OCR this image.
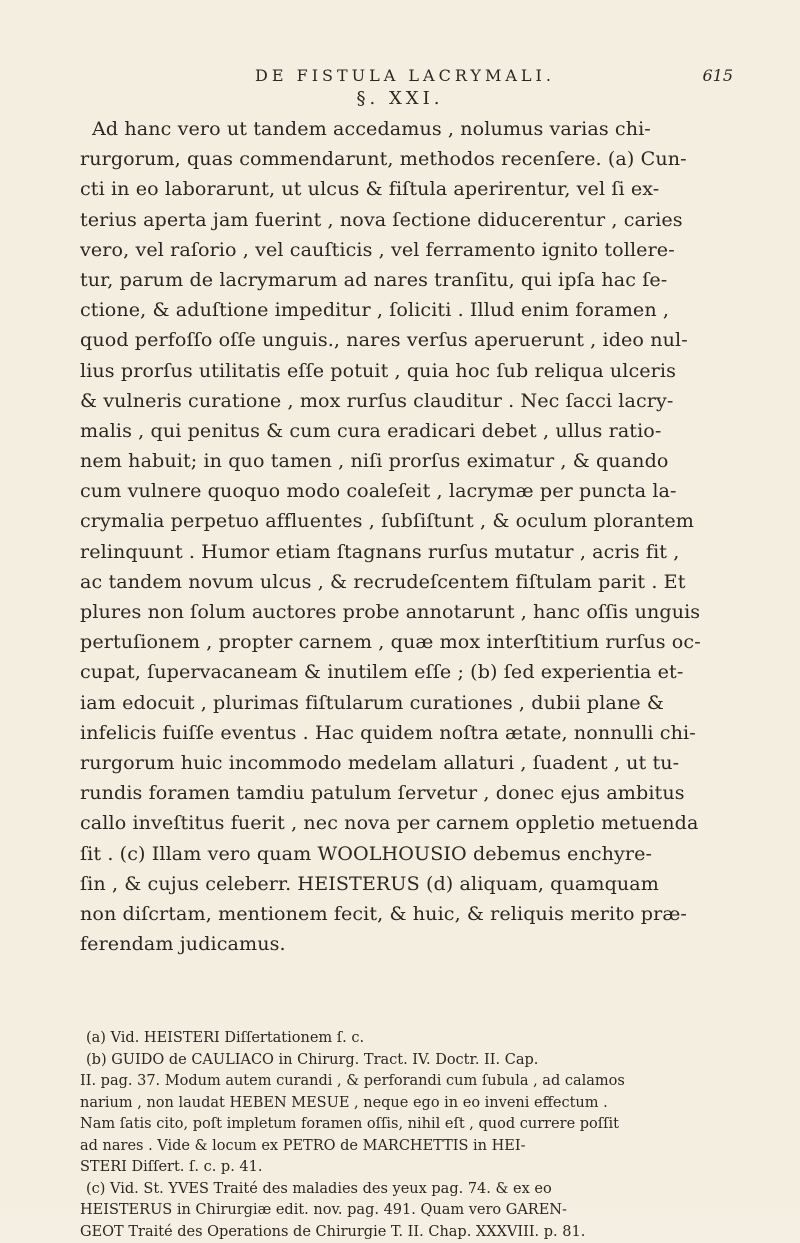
DE FISTULA LACRYMALI.	615
§. XXI.
Ad hanc vero ut tandem accedamus , nolumus varias chi-
rurgorum, quas commendarunt, methodos recenſere. (a) Cun-
cti in eo laborarunt, ut ulcus & fiſtula aperirentur, vel ſi ex-
terius aperta jam fuerint , nova ſectione diducerentur , caries
vero, vel raſorio , vel cauſticis , vel ferramento ignito tollere-
tur, parum de lacrymarum ad nares tranſitu, qui ipſa hac ſe-
ctione, & aduſtione impeditur , ſoliciti . Illud enim foramen ,
quod perfoſſo oſſe unguis., nares verſus aperuerunt , ideo nul-
lius prorſus utilitatis eſſe potuit , quia hoc ſub reliqua ulceris
& vulneris curatione , mox rurſus clauditur . Nec ſacci lacry-
malis , qui penitus & cum cura eradicari debet , ullus ratio-
nem habuit; in quo tamen , niſi prorſus eximatur , & quando
cum vulnere quoquo modo coaleſeit , lacrymæ per puncta la-
crymalia perpetuo affluentes , ſubſiſtunt , & oculum plorantem
relinquunt . Humor etiam ſtagnans rurſus mutatur , acris fit ,
ac tandem novum ulcus , & recrudeſcentem fiſtulam parit . Et
plures non ſolum auctores probe annotarunt , hanc oſſis unguis
pertuſionem , propter carnem , quæ mox interſtitium rurſus oc-
cupat, ſupervacaneam & inutilem eſſe ; (b) ſed experientia et-
iam edocuit , plurimas fiſtularum curationes , dubii plane &
infelicis fuiſſe eventus . Hac quidem noſtra ætate, nonnulli chi-
rurgorum huic incommodo medelam allaturi , ſuadent , ut tu-
rundis foramen tamdiu patulum ſervetur , donec ejus ambitus
callo inveſtitus fuerit , nec nova per carnem oppletio metuenda
ſit . (c) Illam vero quam WOOLHOUSIO debemus enchyre-
ſin , & cujus celeberr. HEISTERUS (d) aliquam, quamquam
non diſcrtam, mentionem fecit, & huic, & reliquis merito præ-
ferendam judicamus.
(a) Vid. HEISTERI Diſſertationem ſ. c.
(b) GUIDO de CAULIACO in Chirurg. Tract. IV. Doctr. II. Cap.
II. pag. 37. Modum autem curandi , & perforandi cum ſubula , ad calamos
narium , non laudat HEBEN MESUE , neque ego in eo inveni effectum .
Nam ſatis cito, poſt impletum foramen oſſis, nihil eſt , quod currere poſſit
ad nares . Vide & locum ex PETRO de MARCHETTIS in HEI-
STERI Diſſert. ſ. c. p. 41.
(c) Vid. St. YVES Traité des maladies des yeux pag. 74. & ex eo
HEISTERUS in Chirurgiæ edit. nov. pag. 491. Quam vero GAREN-
GEOT Traité des Operations de Chirurgie T. II. Chap. XXXVIII. p. 81.
